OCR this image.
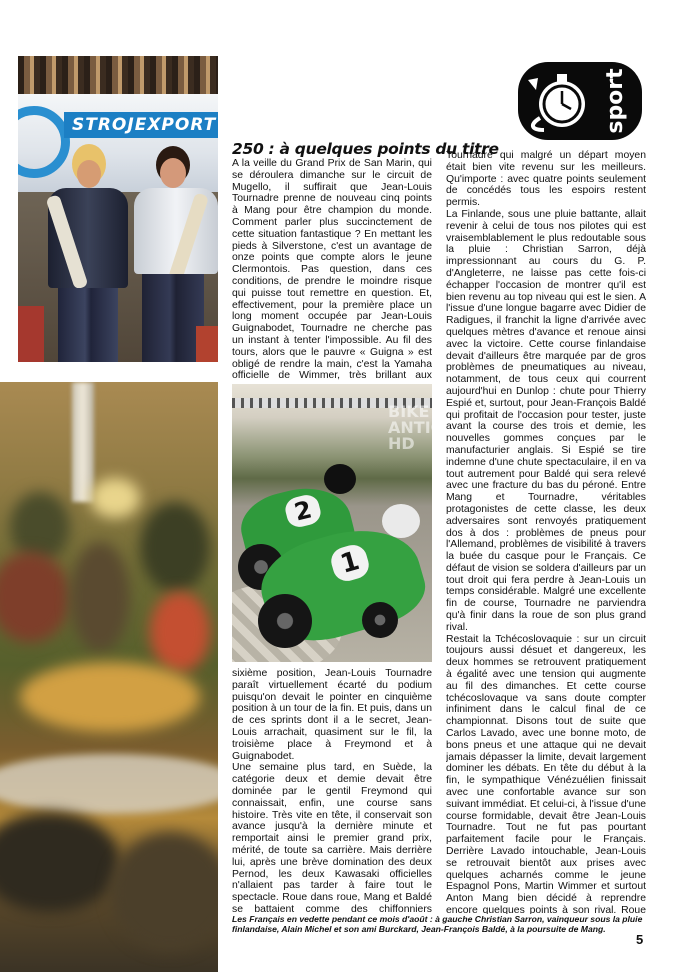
STROJEXPORT
2
1
BIKE
ANTIC
HD
sport
250 : à quelques points du titre

A la veille du Grand Prix de San Marin, qui se déroulera dimanche sur le circuit de Mugello, il suffirait que Jean-Louis Tournadre prenne de nouveau cinq points à Mang pour être champion du monde. Comment parler plus succinctement de cette situation fantastique ? En mettant les pieds à Silverstone, c'est un avantage de onze points que compte alors le jeune Clermontois. Pas question, dans ces conditions, de prendre le moindre risque qui puisse tout remettre en question. Et, effectivement, pour la première place un long moment occupée par Jean-Louis Guignabodet, Tournadre ne cherche pas un instant à tenter l'impossible. Au fil des tours, alors que le pauvre « Guigna » est obligé de rendre la main, c'est la Yamaha officielle de Wimmer, très brillant aux

sixième position, Jean-Louis Tournadre paraît virtuellement écarté du podium puisqu'on devait le pointer en cinquième position à un tour de la fin. Et puis, dans un de ces sprints dont il a le secret, Jean-Louis arrachait, quasiment sur le fil, la troisième place à Freymond et à Guignabodet.

Une semaine plus tard, en Suède, la catégorie deux et demie devait être dominée par le gentil Freymond qui connaissait, enfin, une course sans histoire. Très vite en tête, il conservait son avance jusqu'à la dernière minute et remportait ainsi le premier grand prix, mérité, de toute sa carrière. Mais derrière lui, après une brève domination des deux Pernod, les deux Kawasaki officielles n'allaient pas tarder à faire tout le spectacle. Roue dans roue, Mang et Baldé se battaient comme des chiffonniers

Tournadre qui malgré un départ moyen était bien vite revenu sur les meilleurs. Qu'importe : avec quatre points seulement de concédés tous les espoirs restent permis.

La Finlande, sous une pluie battante, allait revenir à celui de tous nos pilotes qui est vraisemblablement le plus redoutable sous la pluie : Christian Sarron, déjà impressionnant au cours du G. P. d'Angleterre, ne laisse pas cette fois-ci échapper l'occasion de montrer qu'il est bien revenu au top niveau qui est le sien. A l'issue d'une longue bagarre avec Didier de Radigues, il franchit la ligne d'arrivée avec quelques mètres d'avance et renoue ainsi avec la victoire. Cette course finlandaise devait d'ailleurs être marquée par de gros problèmes de pneumatiques au niveau, notamment, de tous ceux qui courrent aujourd'hui en Dunlop : chute pour Thierry Espié et, surtout, pour Jean-François Baldé qui profitait de l'occasion pour tester, juste avant la course des trois et demie, les nouvelles gommes conçues par le manufacturier anglais. Si Espié se tire indemne d'une chute spectaculaire, il en va tout autrement pour Baldé qui sera relevé avec une fracture du bas du péroné. Entre Mang et Tournadre, véritables protagonistes de cette classe, les deux adversaires sont renvoyés pratiquement dos à dos : problèmes de pneus pour l'Allemand, problèmes de visibilité à travers la buée du casque pour le Français. Ce défaut de vision se soldera d'ailleurs par un tout droit qui fera perdre à Jean-Louis un temps considérable. Malgré une excellente fin de course, Tournadre ne parviendra qu'à finir dans la roue de son plus grand rival.

Restait la Tchécoslovaquie : sur un circuit toujours aussi désuet et dangereux, les deux hommes se retrouvent pratiquement à égalité avec une tension qui augmente au fil des dimanches. Et cette course tchécoslovaque va sans doute compter infiniment dans le calcul final de ce championnat. Disons tout de suite que Carlos Lavado, avec une bonne moto, de bons pneus et une attaque qui ne devait jamais dépasser la limite, devait largement dominer les débats. En tête du début à la fin, le sympathique Vénézuélien finissait avec une confortable avance sur son suivant immédiat. Et celui-ci, à l'issue d'une course formidable, devait être Jean-Louis Tournadre. Tout ne fut pas pourtant parfaitement facile pour le Français. Derrière Lavado intouchable, Jean-Louis se retrouvait bientôt aux prises avec quelques acharnés comme le jeune Espagnol Pons, Martin Wimmer et surtout Anton Mang bien décidé à reprendre encore quelques points à son rival. Roue

Les Français en vedette pendant ce mois d'août : à gauche Christian Sarron, vainqueur sous la pluie finlandaise, Alain Michel et son ami Burckard, Jean-François Baldé, à la poursuite de Mang.

5
